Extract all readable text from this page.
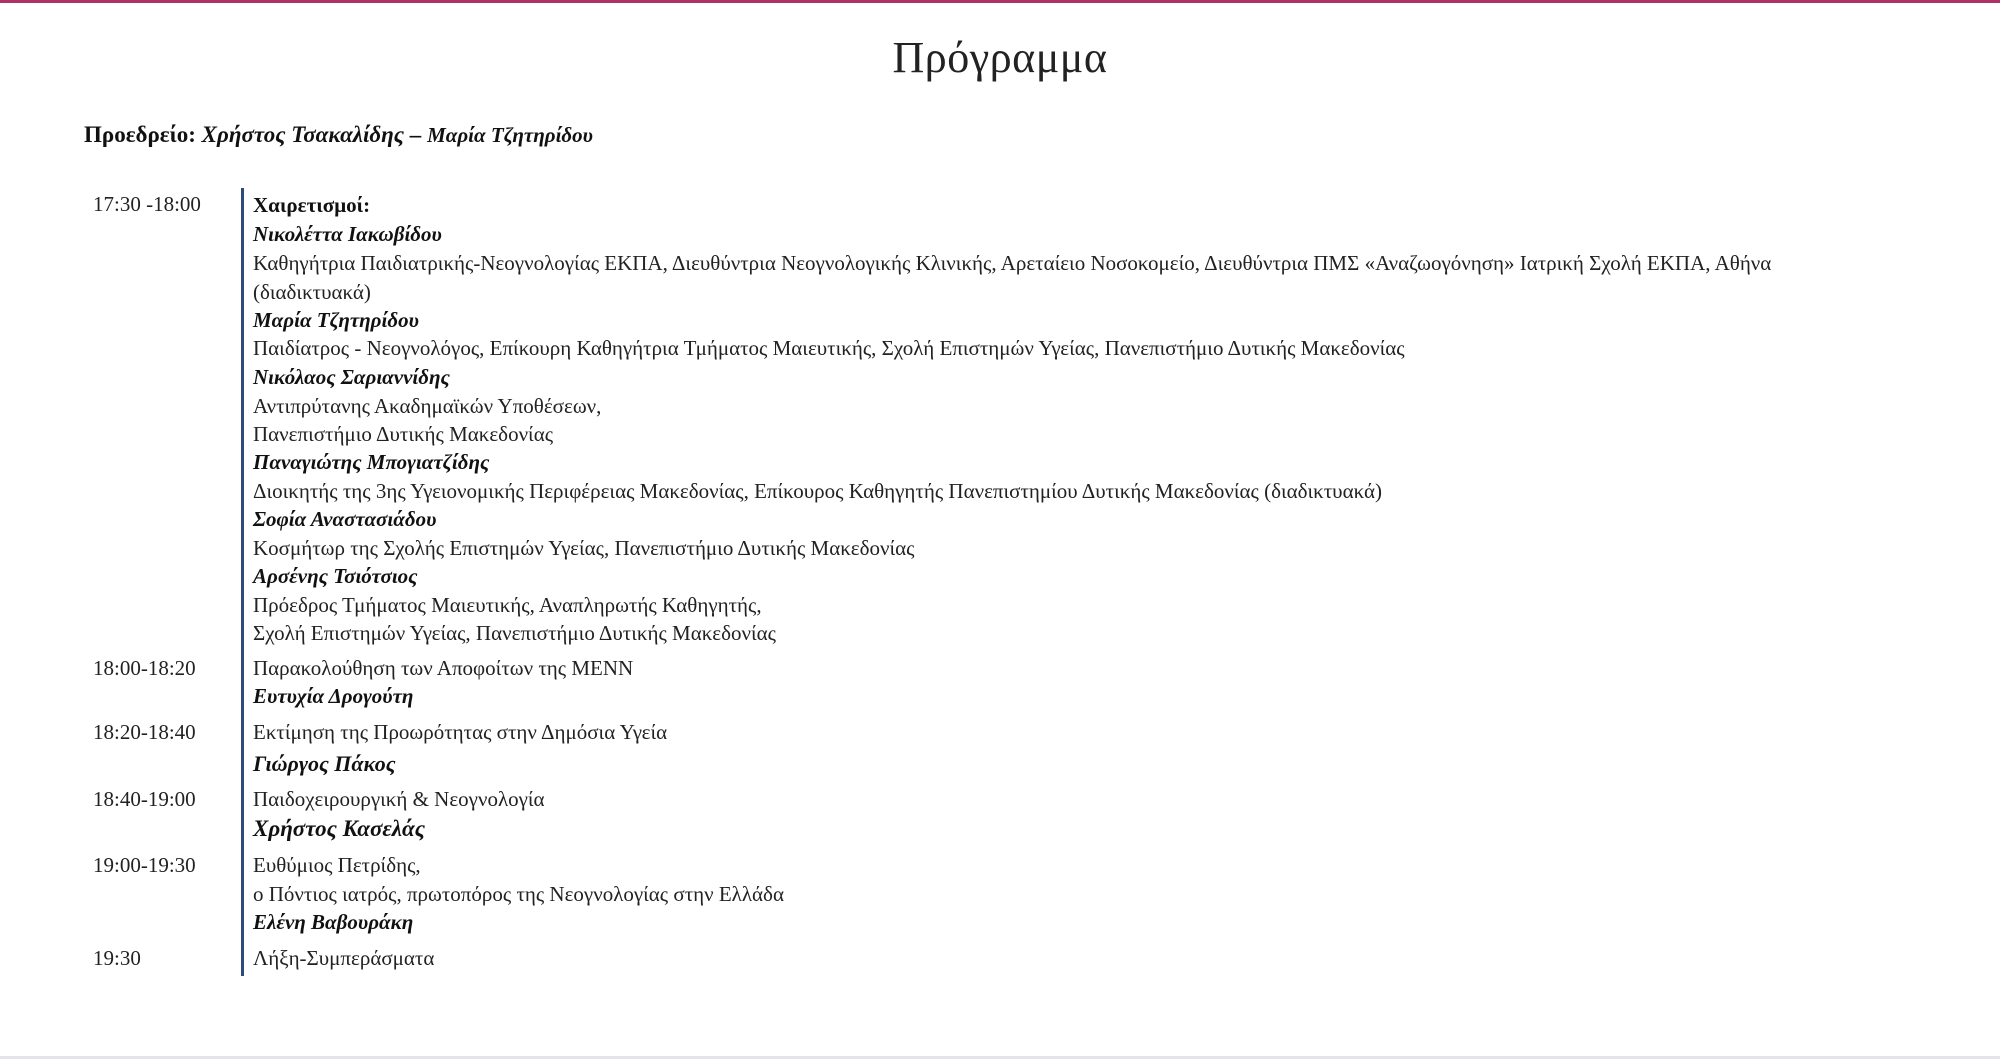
Πρόγραμμα
Προεδρείο: Χρήστος Τσακαλίδης – Μαρία Τζητηρίδου
17:30 -18:00 Χαιρετισμοί:
Νικολέττα Ιακωβίδου
Καθηγήτρια Παιδιατρικής-Νεογνολογίας ΕΚΠΑ, Διευθύντρια Νεογνολογικής Κλινικής, Αρεταίειο Νοσοκομείο, Διευθύντρια ΠΜΣ «Αναζωογόνηση» Ιατρική Σχολή ΕΚΠΑ, Αθήνα
(διαδικτυακά)
Μαρία Τζητηρίδου
Παιδίατρος - Νεογνολόγος, Επίκουρη Καθηγήτρια Τμήματος Μαιευτικής, Σχολή Επιστημών Υγείας, Πανεπιστήμιο Δυτικής Μακεδονίας
Νικόλαος Σαριαννίδης
Αντιπρύτανης Ακαδημαϊκών Υποθέσεων,
Πανεπιστήμιο Δυτικής Μακεδονίας
Παναγιώτης Μπογιατζίδης
Διοικητής της 3ης Υγειονομικής Περιφέρειας Μακεδονίας, Επίκουρος Καθηγητής Πανεπιστημίου Δυτικής Μακεδονίας (διαδικτυακά)
Σοφία Αναστασιάδου
Κοσμήτωρ της Σχολής Επιστημών Υγείας, Πανεπιστήμιο Δυτικής Μακεδονίας
Αρσένης Τσιότσιος
Πρόεδρος Τμήματος Μαιευτικής, Αναπληρωτής Καθηγητής,
Σχολή Επιστημών Υγείας, Πανεπιστήμιο Δυτικής Μακεδονίας
18:00-18:20	Παρακολούθηση των Αποφοίτων της ΜΕΝΝ
Ευτυχία Δρογούτη
18:20-18:40	Εκτίμηση της Προωρότητας στην Δημόσια Υγεία
Γιώργος Πάκος
18:40-19:00	Παιδοχειρουργική & Νεογνολογία
Χρήστος Κασελάς
19:00-19:30	Ευθύμιος Πετρίδης,
ο Πόντιος ιατρός, πρωτοπόρος της Νεογνολογίας στην Ελλάδα
Ελένη Βαβουράκη
19:30	Λήξη-Συμπεράσματα
